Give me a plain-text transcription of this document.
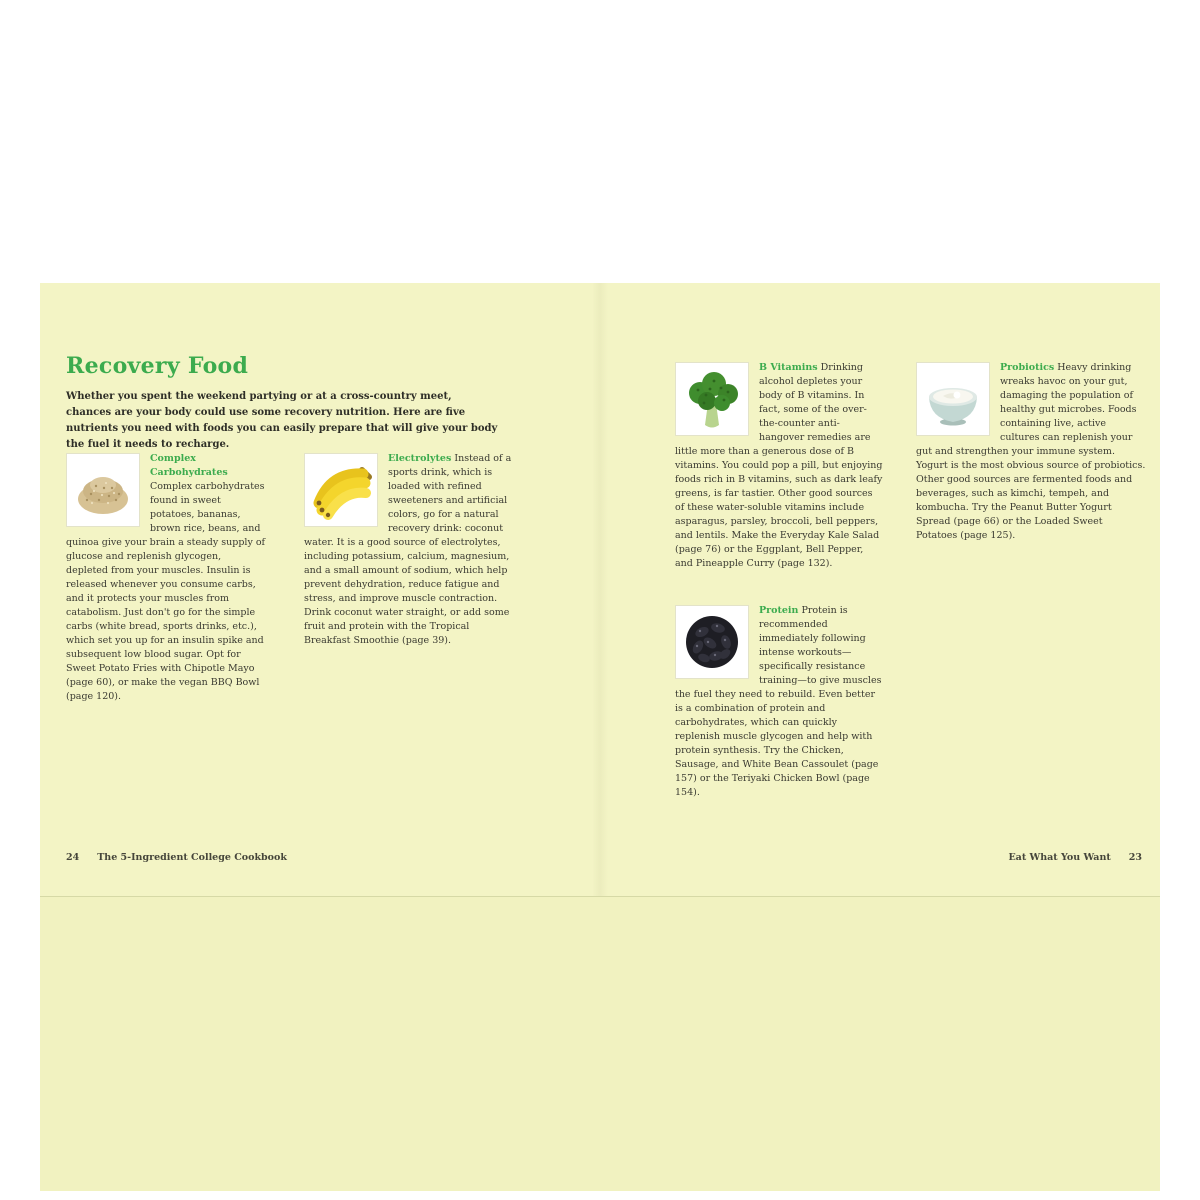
Recovery Food
Whether you spent the weekend partying or at a cross-country meet, chances are your body could use some recovery nutrition. Here are five nutrients you need with foods you can easily prepare that will give your body the fuel it needs to recharge.

Complex Carbohydrates Complex carbohydrates found in sweet potatoes, bananas, brown rice, beans, and quinoa give your brain a steady supply of glucose and replenish glycogen, depleted from your muscles. Insulin is released whenever you consume carbs, and it protects your muscles from catabolism. Just don't go for the simple carbs (white bread, sports drinks, etc.), which set you up for an insulin spike and subsequent low blood sugar. Opt for Sweet Potato Fries with Chipotle Mayo (page 60), or make the vegan BBQ Bowl (page 120).

Electrolytes Instead of a sports drink, which is loaded with refined sweeteners and artificial colors, go for a natural recovery drink: coconut water. It is a good source of electrolytes, including potassium, calcium, magnesium, and a small amount of sodium, which help prevent dehydration, reduce fatigue and stress, and improve muscle contraction. Drink coconut water straight, or add some fruit and protein with the Tropical Breakfast Smoothie (page 39).

24 The 5-Ingredient College Cookbook

B Vitamins Drinking alcohol depletes your body of B vitamins. In fact, some of the over-the-counter anti-hangover remedies are little more than a generous dose of B vitamins. You could pop a pill, but enjoying foods rich in B vitamins, such as dark leafy greens, is far tastier. Other good sources of these water-soluble vitamins include asparagus, parsley, broccoli, bell peppers, and lentils. Make the Everyday Kale Salad (page 76) or the Eggplant, Bell Pepper, and Pineapple Curry (page 132).

Protein Protein is recommended immediately following intense workouts—specifically resistance training—to give muscles the fuel they need to rebuild. Even better is a combination of protein and carbohydrates, which can quickly replenish muscle glycogen and help with protein synthesis. Try the Chicken, Sausage, and White Bean Cassoulet (page 157) or the Teriyaki Chicken Bowl (page 154).

Probiotics Heavy drinking wreaks havoc on your gut, damaging the population of healthy gut microbes. Foods containing live, active cultures can replenish your gut and strengthen your immune system. Yogurt is the most obvious source of probiotics. Other good sources are fermented foods and beverages, such as kimchi, tempeh, and kombucha. Try the Peanut Butter Yogurt Spread (page 66) or the Loaded Sweet Potatoes (page 125).

Eat What You Want 23
